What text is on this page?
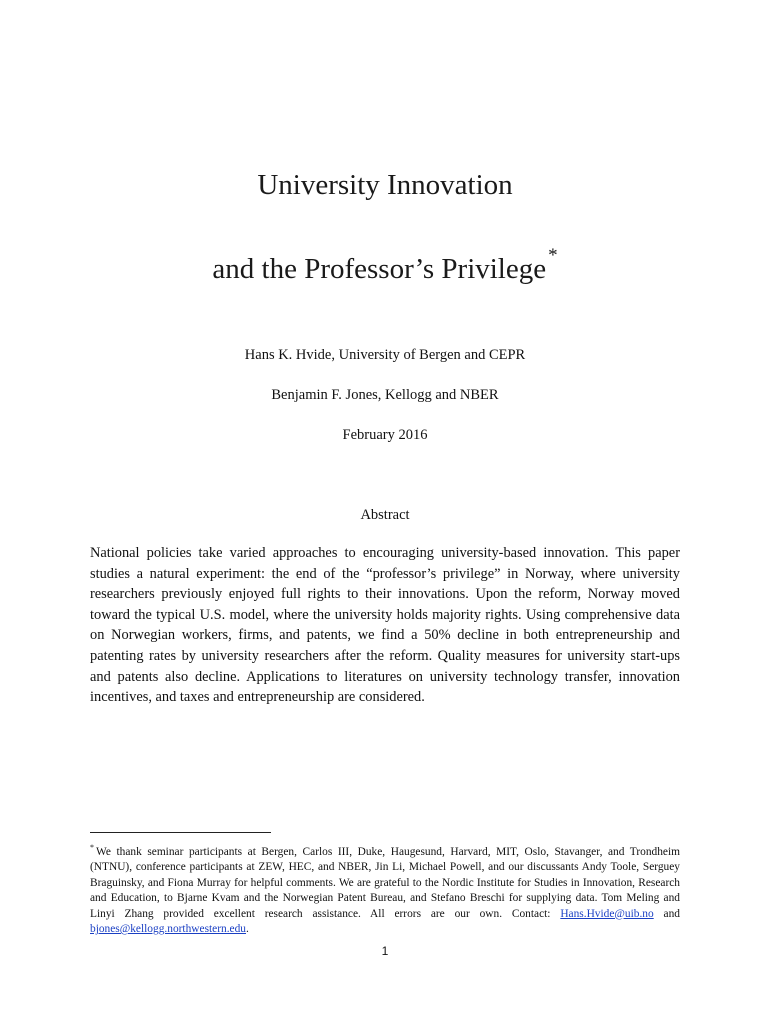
University Innovation
and the Professor’s Privilege *
Hans K. Hvide, University of Bergen and CEPR
Benjamin F. Jones, Kellogg and NBER
February 2016
Abstract
National policies take varied approaches to encouraging university-based innovation. This paper studies a natural experiment: the end of the “professor’s privilege” in Norway, where university researchers previously enjoyed full rights to their innovations. Upon the reform, Norway moved toward the typical U.S. model, where the university holds majority rights. Using comprehensive data on Norwegian workers, firms, and patents, we find a 50% decline in both entrepreneurship and patenting rates by university researchers after the reform. Quality measures for university start-ups and patents also decline. Applications to literatures on university technology transfer, innovation incentives, and taxes and entrepreneurship are considered.
* We thank seminar participants at Bergen, Carlos III, Duke, Haugesund, Harvard, MIT, Oslo, Stavanger, and Trondheim (NTNU), conference participants at ZEW, HEC, and NBER, Jin Li, Michael Powell, and our discussants Andy Toole, Serguey Braguinsky, and Fiona Murray for helpful comments. We are grateful to the Nordic Institute for Studies in Innovation, Research and Education, to Bjarne Kvam and the Norwegian Patent Bureau, and Stefano Breschi for supplying data. Tom Meling and Linyi Zhang provided excellent research assistance. All errors are our own. Contact: Hans.Hvide@uib.no and bjones@kellogg.northwestern.edu.
1
